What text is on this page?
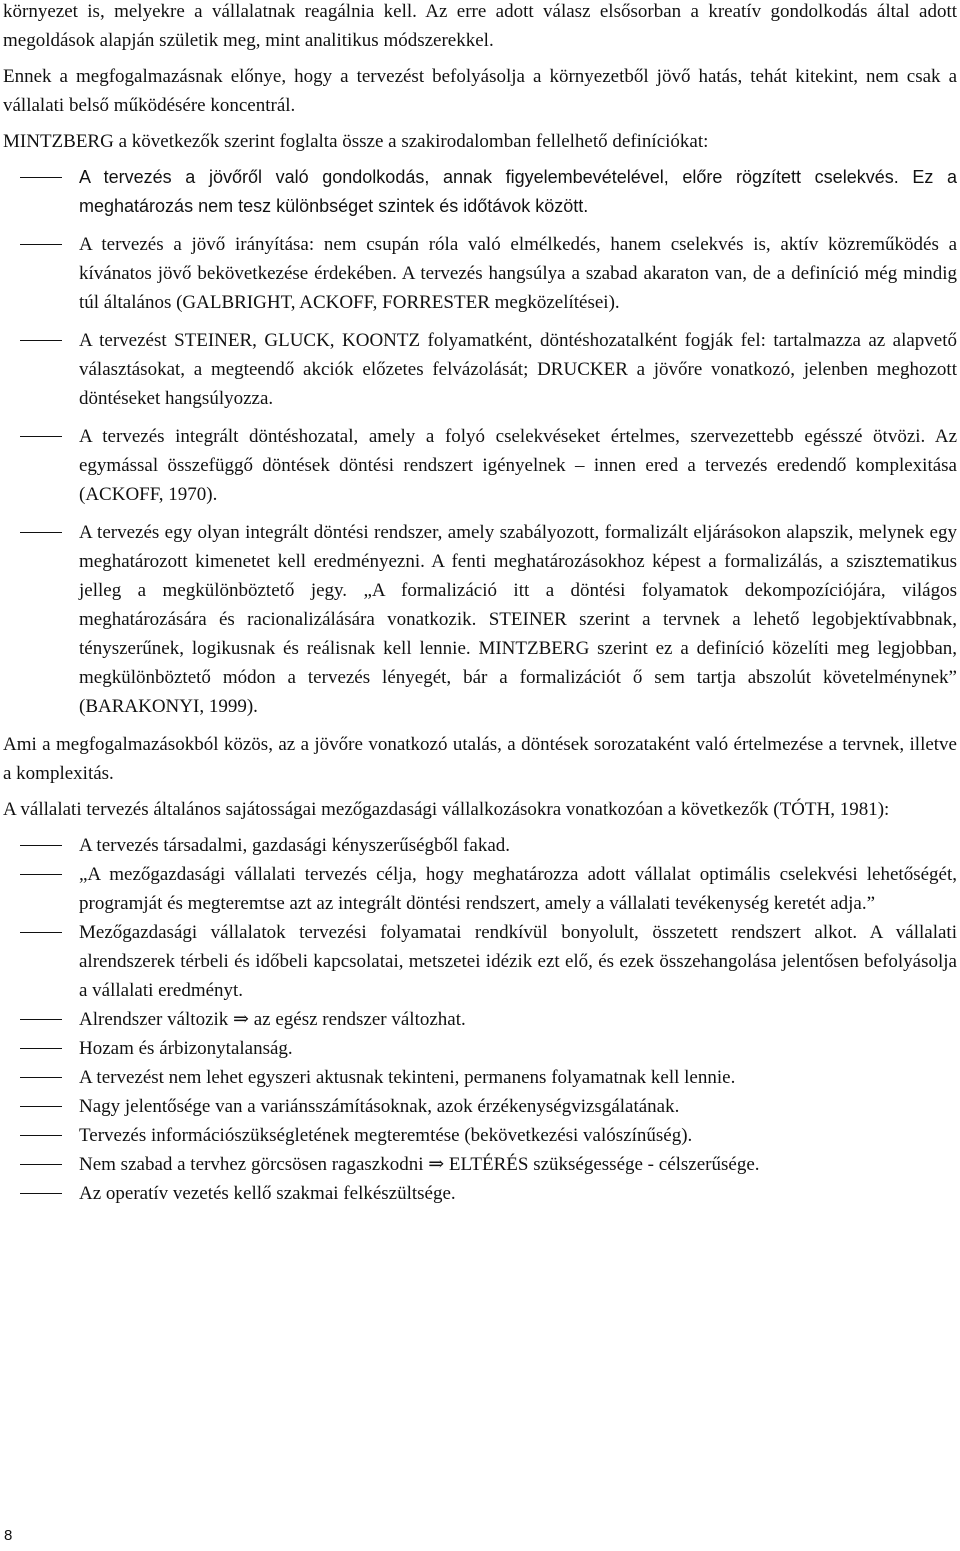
környezet is, melyekre a vállalatnak reagálnia kell. Az erre adott válasz elsősorban a kreatív gondolkodás által adott megoldások alapján születik meg, mint analitikus módszerekkel.

Ennek a megfogalmazásnak előnye, hogy a tervezést befolyásolja a környezetből jövő hatás, tehát kitekint, nem csak a vállalati belső működésére koncentrál.

MINTZBERG a következők szerint foglalta össze a szakirodalomban fellelhető definíciókat:

A tervezés a jövőről való gondolkodás, annak figyelembevételével, előre rögzített cselekvés. Ez a meghatározás nem tesz különbséget szintek és időtávok között.
A tervezés a jövő irányítása: nem csupán róla való elmélkedés, hanem cselekvés is, aktív közreműködés a kívánatos jövő bekövetkezése érdekében. A tervezés hangsúlya a szabad akaraton van, de a definíció még mindig túl általános (GALBRIGHT, ACKOFF, FORRESTER megközelítései).
A tervezést STEINER, GLUCK, KOONTZ folyamatként, döntéshozatalként fogják fel: tartalmazza az alapvető választásokat, a megteendő akciók előzetes felvázolását; DRUCKER a jövőre vonatkozó, jelenben meghozott döntéseket hangsúlyozza.
A tervezés integrált döntéshozatal, amely a folyó cselekvéseket értelmes, szervezettebb egésszé ötvözi. Az egymással összefüggő döntések döntési rendszert igényelnek – innen ered a tervezés eredendő komplexitása (ACKOFF, 1970).
A tervezés egy olyan integrált döntési rendszer, amely szabályozott, formalizált eljárásokon alapszik, melynek egy meghatározott kimenetet kell eredményezni. A fenti meghatározásokhoz képest a formalizálás, a szisztematikus jelleg a megkülönböztető jegy. „A formalizáció itt a döntési folyamatok dekompozíciójára, világos meghatározására és racionalizálására vonatkozik. STEINER szerint a tervnek a lehető legobjektívabbnak, tényszerűnek, logikusnak és reálisnak kell lennie. MINTZBERG szerint ez a definíció közelíti meg legjobban, megkülönböztető módon a tervezés lényegét, bár a formalizációt ő sem tartja abszolút követelménynek” (BARAKONYI, 1999).

Ami a megfogalmazásokból közös, az a jövőre vonatkozó utalás, a döntések sorozataként való értelmezése a tervnek, illetve a komplexitás.

A vállalati tervezés általános sajátosságai mezőgazdasági vállalkozásokra vonatkozóan a következők (TÓTH, 1981):

A tervezés társadalmi, gazdasági kényszerűségből fakad.
„A mezőgazdasági vállalati tervezés célja, hogy meghatározza adott vállalat optimális cselekvési lehetőségét, programját és megteremtse azt az integrált döntési rendszert, amely a vállalati tevékenység keretét adja.”
Mezőgazdasági vállalatok tervezési folyamatai rendkívül bonyolult, összetett rendszert alkot. A vállalati alrendszerek térbeli és időbeli kapcsolatai, metszetei idézik ezt elő, és ezek összehangolása jelentősen befolyásolja a vállalati eredményt.
Alrendszer változik ⇒ az egész rendszer változhat.
Hozam és árbizonytalanság.
A tervezést nem lehet egyszeri aktusnak tekinteni, permanens folyamatnak kell lennie.
Nagy jelentősége van a variánsszámításoknak, azok érzékenységvizsgálatának.
Tervezés információszükségletének megteremtése (bekövetkezési valószínűség).
Nem szabad a tervhez görcsösen ragaszkodni ⇒ ELTÉRÉS szükségessége - célszerűsége.
Az operatív vezetés kellő szakmai felkészültsége.
8
